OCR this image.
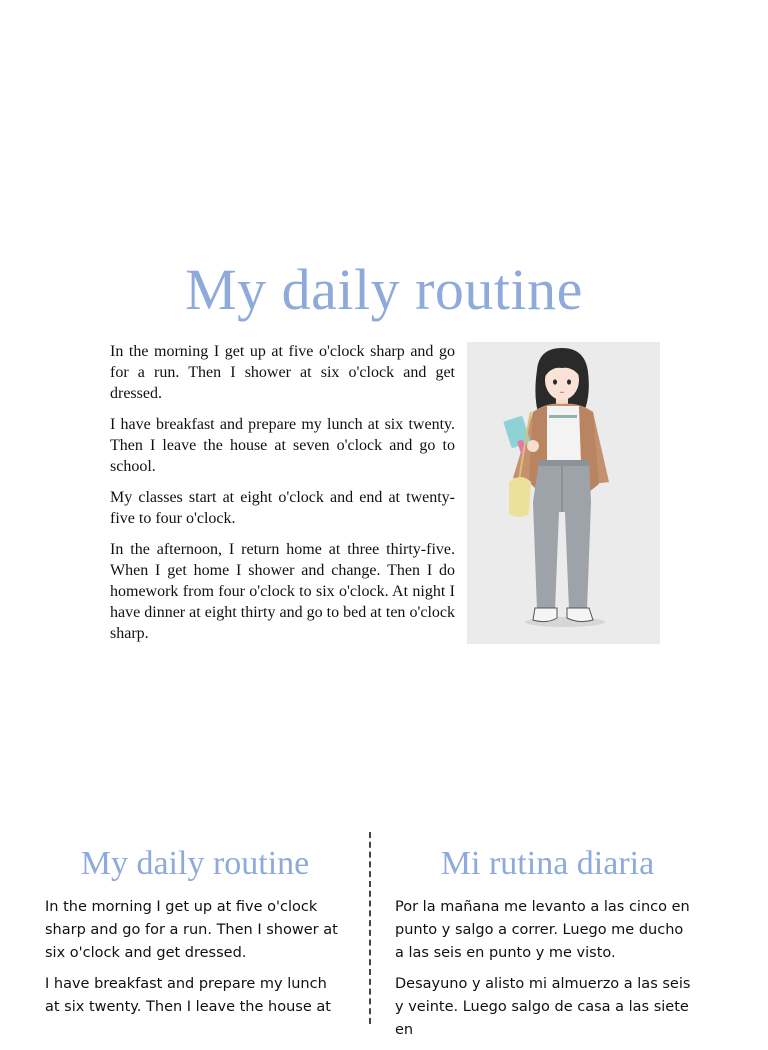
My daily routine

In the morning I get up at five o'clock sharp and go for a run. Then I shower at six o'clock and get dressed.

I have breakfast and prepare my lunch at six twenty. Then I leave the house at seven o'clock and go to school.

My classes start at eight o'clock and end at twenty-five to four o'clock.

In the afternoon, I return home at three thirty-five. When I get home I shower and change. Then I do homework from four o'clock to six o'clock. At night I have dinner at eight thirty and go to bed at ten o'clock sharp.

My daily routine

In the morning I get up at five o'clock sharp and go for a run. Then I shower at six o'clock and get dressed.

I have breakfast and prepare my lunch at six twenty. Then I leave the house at

Mi rutina diaria

Por la mañana me levanto a las cinco en punto y salgo a correr. Luego me ducho a las seis en punto y me visto.

Desayuno y alisto mi almuerzo a las seis y veinte. Luego salgo de casa a las siete en
